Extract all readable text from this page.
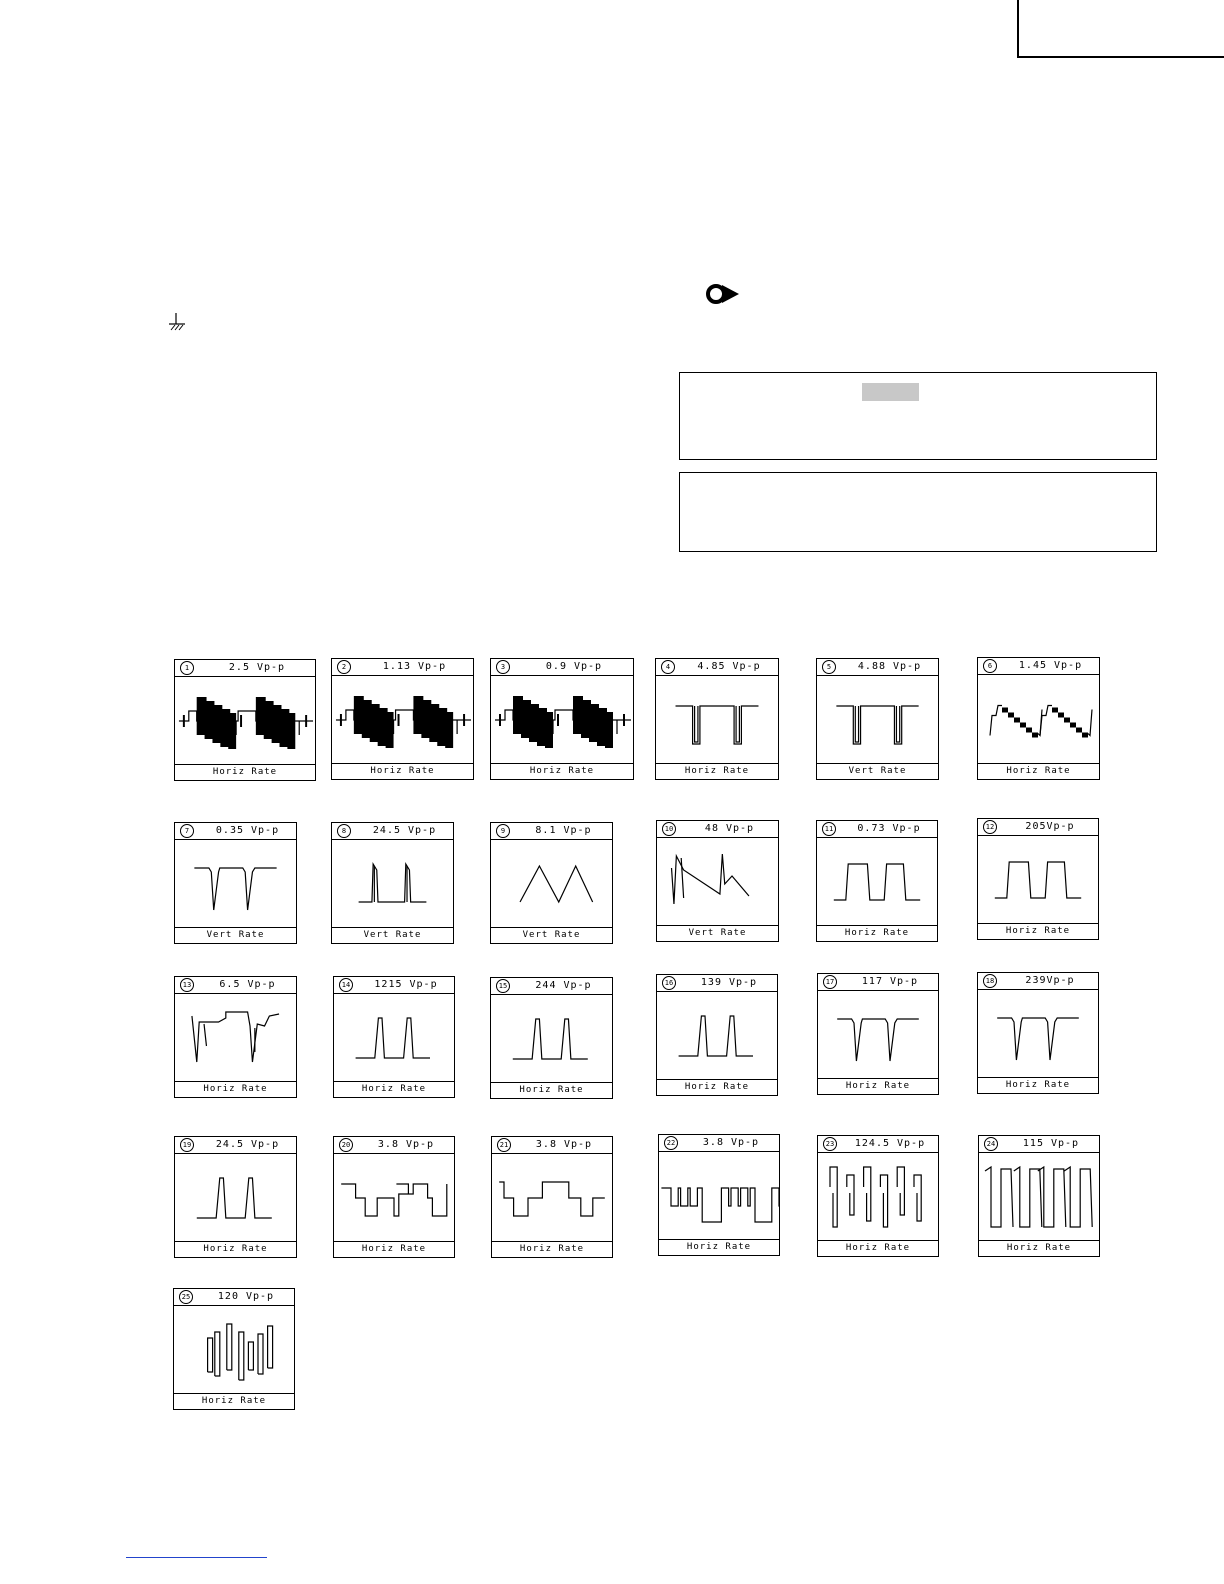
1	2.5 Vp-p
Horiz Rate
2	1.13 Vp-p
Horiz Rate
3	0.9 Vp-p
Horiz Rate
4	4.85 Vp-p
Horiz Rate
5	4.88 Vp-p
Vert Rate
6	1.45 Vp-p
Horiz Rate
7	0.35 Vp-p
Vert Rate
8	24.5 Vp-p
Vert Rate
9	8.1 Vp-p
Vert Rate
10	48 Vp-p
Vert Rate
11	0.73 Vp-p
Horiz Rate
12	205Vp-p
Horiz Rate
13	6.5 Vp-p
Horiz Rate
14	1215 Vp-p
Horiz Rate
15	244 Vp-p
Horiz Rate
16	139 Vp-p
Horiz Rate
17	117 Vp-p
Horiz Rate
18	239Vp-p
Horiz Rate
19	24.5 Vp-p
Horiz Rate
20	3.8 Vp-p
Horiz Rate
21	3.8 Vp-p
Horiz Rate
22	3.8 Vp-p
Horiz Rate
23	124.5 Vp-p
Horiz Rate
24	115 Vp-p
Horiz Rate
25	120 Vp-p
Horiz Rate
